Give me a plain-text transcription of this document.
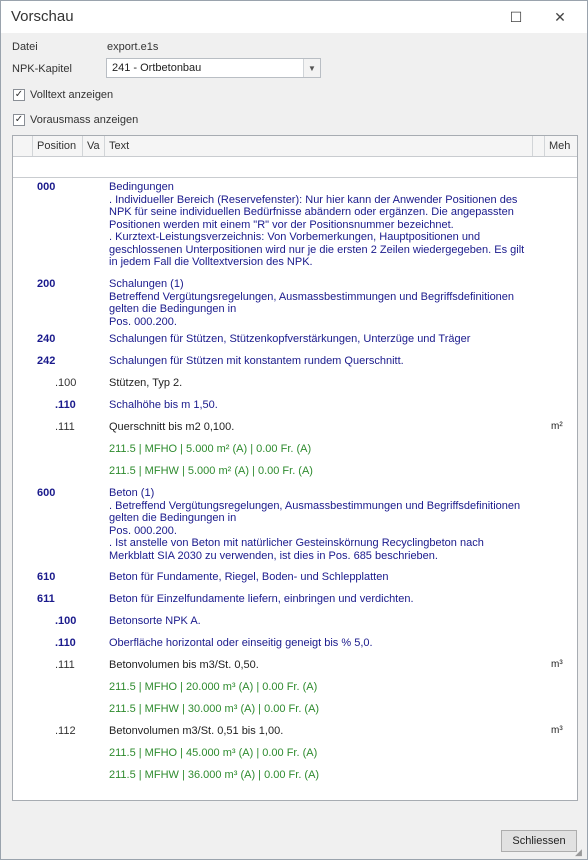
Vorschau	☐	✕
Datei	export.e1s
NPK-Kapitel	241 - Ortbetonbau	▼
✓ Volltext anzeigen
✓ Vorausmass anzeigen
Position Va Text	Meh
000	Bedingungen
. Individueller Bereich (Reservefenster): Nur hier kann der Anwender Positionen des NPK für seine individuellen Bedürfnisse abändern oder ergänzen. Die angepassten Positionen werden mit einem "R" vor der Positionsnummer bezeichnet.
. Kurztext-Leistungsverzeichnis: Von Vorbemerkungen, Hauptpositionen und geschlossenen Unterpositionen wird nur je die ersten 2 Zeilen wiedergegeben. Es gilt in jedem Fall die Volltextversion des NPK.
200	Schalungen (1)
Betreffend Vergütungsregelungen, Ausmassbestimmungen und Begriffsdefinitionen gelten die Bedingungen in
Pos. 000.200.
240	Schalungen für Stützen, Stützenkopfverstärkungen, Unterzüge und Träger
242	Schalungen für Stützen mit konstantem rundem Querschnitt.
.100	Stützen, Typ 2.
.110	Schalhöhe bis m 1,50.
.111	Querschnitt bis m2 0,100.	m²
211.5 | MFHO | 5.000 m² (A) | 0.00 Fr. (A)
211.5 | MFHW | 5.000 m² (A) | 0.00 Fr. (A)
600	Beton (1)
. Betreffend Vergütungsregelungen, Ausmassbestimmungen und Begriffsdefinitionen gelten die Bedingungen in
Pos. 000.200.
. Ist anstelle von Beton mit natürlicher Gesteinskörnung Recyclingbeton nach Merkblatt SIA 2030 zu verwenden, ist dies in Pos. 685 beschrieben.
610	Beton für Fundamente, Riegel, Boden- und Schlepplatten
611	Beton für Einzelfundamente liefern, einbringen und verdichten.
.100	Betonsorte NPK A.
.110	Oberfläche horizontal oder einseitig geneigt bis % 5,0.
.111	Betonvolumen bis m3/St. 0,50.	m³
211.5 | MFHO | 20.000 m³ (A) | 0.00 Fr. (A)
211.5 | MFHW | 30.000 m³ (A) | 0.00 Fr. (A)
.112	Betonvolumen m3/St. 0,51 bis 1,00.	m³
211.5 | MFHO | 45.000 m³ (A) | 0.00 Fr. (A)
211.5 | MFHW | 36.000 m³ (A) | 0.00 Fr. (A)
Schliessen
◢
